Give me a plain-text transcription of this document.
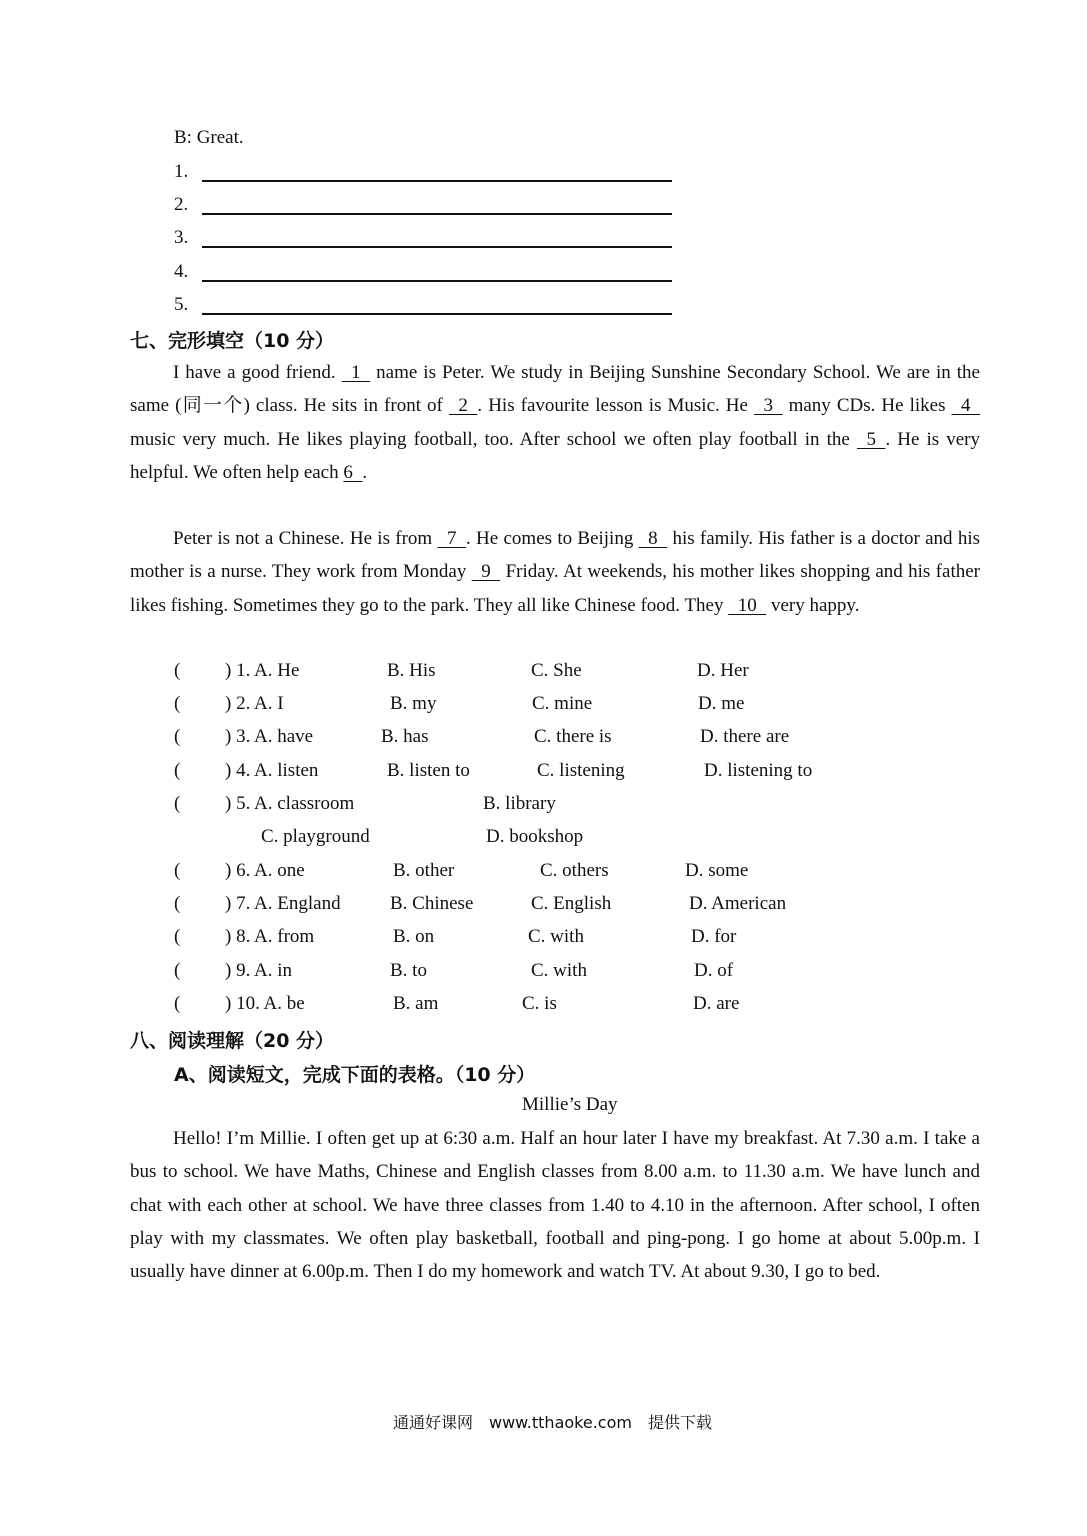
B: Great.
1.
2.
3.
4.
5.
七、完形填空（10 分）
I have a good friend.   1   name is Peter. We study in Beijing Sunshine Secondary School. We are in the same (同一个) class. He sits in front of   2  . His favourite lesson is Music. He   3   many CDs. He likes   4   music very much. He likes playing football, too. After school we often play football in the   5  . He is very helpful. We often help each 6  .
Peter is not a Chinese. He is from   7  . He comes to Beijing   8   his family. His father is a doctor and his mother is a nurse. They work from Monday   9   Friday. At weekends, his mother likes shopping and his father likes fishing. Sometimes they go to the park. They all like Chinese food. They   10   very happy.
( ) 1. A. He	B. His	C. She	D. Her
( ) 2. A. I	B. my	C. mine	D. me
( ) 3. A. have	B. has	C. there is	D. there are
( ) 4. A. listen	B. listen to	C. listening	D. listening to
( ) 5. A. classroom	B. library
C. playground	D. bookshop
( ) 6. A. one	B. other	C. others	D. some
( ) 7. A. England	B. Chinese	C. English	D. American
( ) 8. A. from	B. on	C. with	D. for
( ) 9. A. in	B. to	C. with	D. of
( ) 10. A. be	B. am	C. is	D. are
八、阅读理解（20 分）
A、阅读短文，完成下面的表格。（10 分）
Millie’s Day
Hello! I’m Millie. I often get up at 6:30 a.m. Half an hour later I have my breakfast. At 7.30 a.m. I take a bus to school. We have Maths, Chinese and English classes from 8.00 a.m. to 11.30 a.m. We have lunch and chat with each other at school. We have three classes from 1.40 to 4.10 in the afternoon. After school, I often play with my classmates. We often play basketball, football and ping-pong. I go home at about 5.00p.m. I usually have dinner at 6.00p.m. Then I do my homework and watch TV. At about 9.30, I go to bed.
通通好课网　www.tthaoke.com　提供下载
